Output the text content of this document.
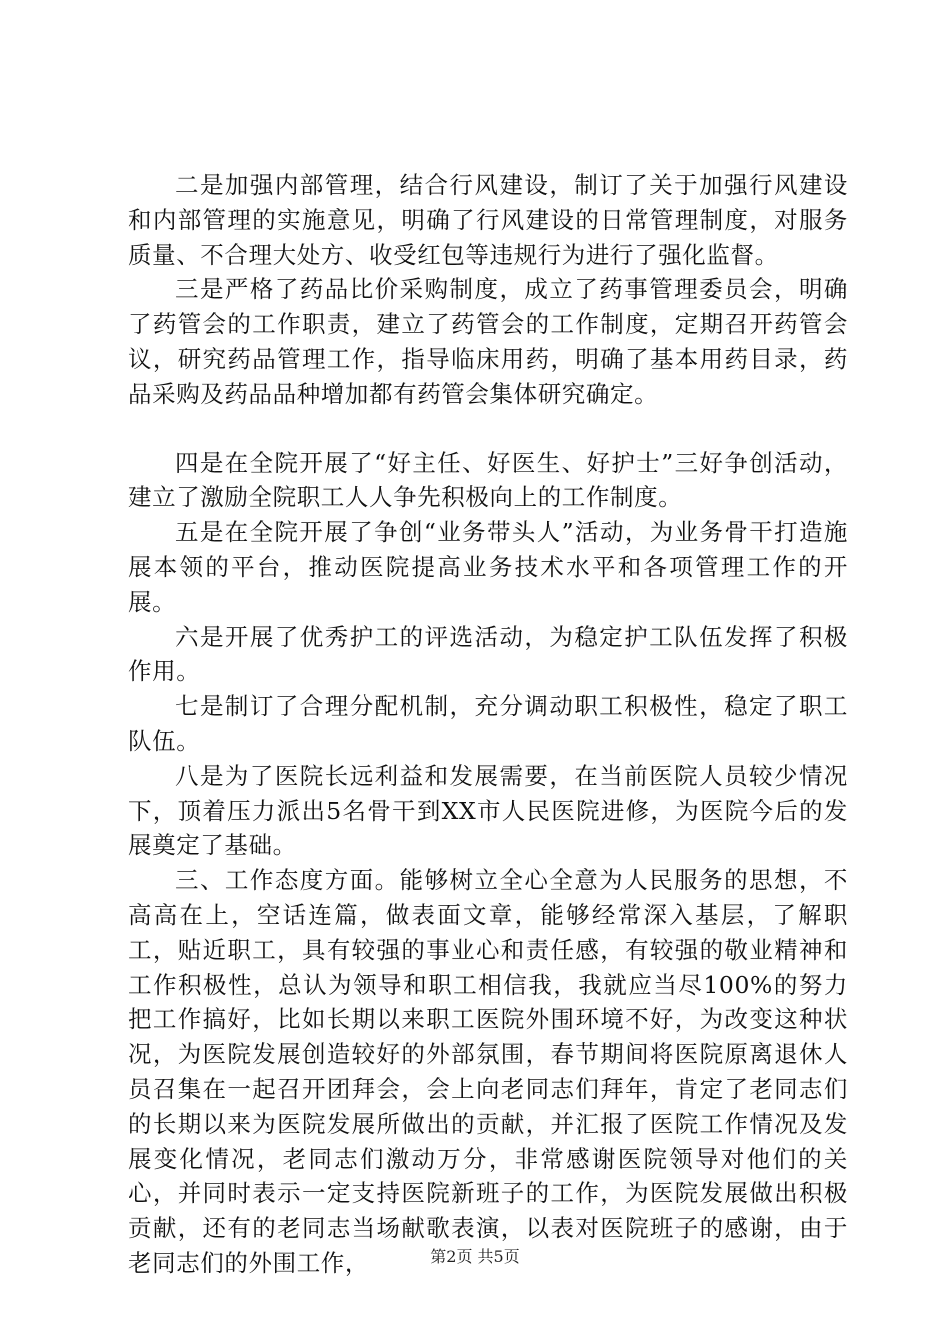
二是加强内部管理，结合行风建设，制订了关于加强行风建设和内部管理的实施意见，明确了行风建设的日常管理制度，对服务质量、不合理大处方、收受红包等违规行为进行了强化监督。

三是严格了药品比价采购制度，成立了药事管理委员会，明确了药管会的工作职责，建立了药管会的工作制度，定期召开药管会议，研究药品管理工作，指导临床用药，明确了基本用药目录，药品采购及药品品种增加都有药管会集体研究确定。

四是在全院开展了“好主任、好医生、好护士”三好争创活动，建立了激励全院职工人人争先积极向上的工作制度。

五是在全院开展了争创“业务带头人”活动，为业务骨干打造施展本领的平台，推动医院提高业务技术水平和各项管理工作的开展。

六是开展了优秀护工的评选活动，为稳定护工队伍发挥了积极作用。

七是制订了合理分配机制，充分调动职工积极性，稳定了职工队伍。

八是为了医院长远利益和发展需要，在当前医院人员较少情况下，顶着压力派出5名骨干到XX市人民医院进修，为医院今后的发展奠定了基础。

三、工作态度方面。能够树立全心全意为人民服务的思想，不高高在上，空话连篇，做表面文章，能够经常深入基层，了解职工，贴近职工，具有较强的事业心和责任感，有较强的敬业精神和工作积极性，总认为领导和职工相信我，我就应当尽100%的努力把工作搞好，比如长期以来职工医院外围环境不好，为改变这种状况，为医院发展创造较好的外部氛围，春节期间将医院原离退休人员召集在一起召开团拜会，会上向老同志们拜年，肯定了老同志们的长期以来为医院发展所做出的贡献，并汇报了医院工作情况及发展变化情况，老同志们激动万分，非常感谢医院领导对他们的关心，并同时表示一定支持医院新班子的工作，为医院发展做出积极贡献，还有的老同志当场献歌表演，以表对医院班子的感谢，由于老同志们的外围工作，	第2页 共5页
